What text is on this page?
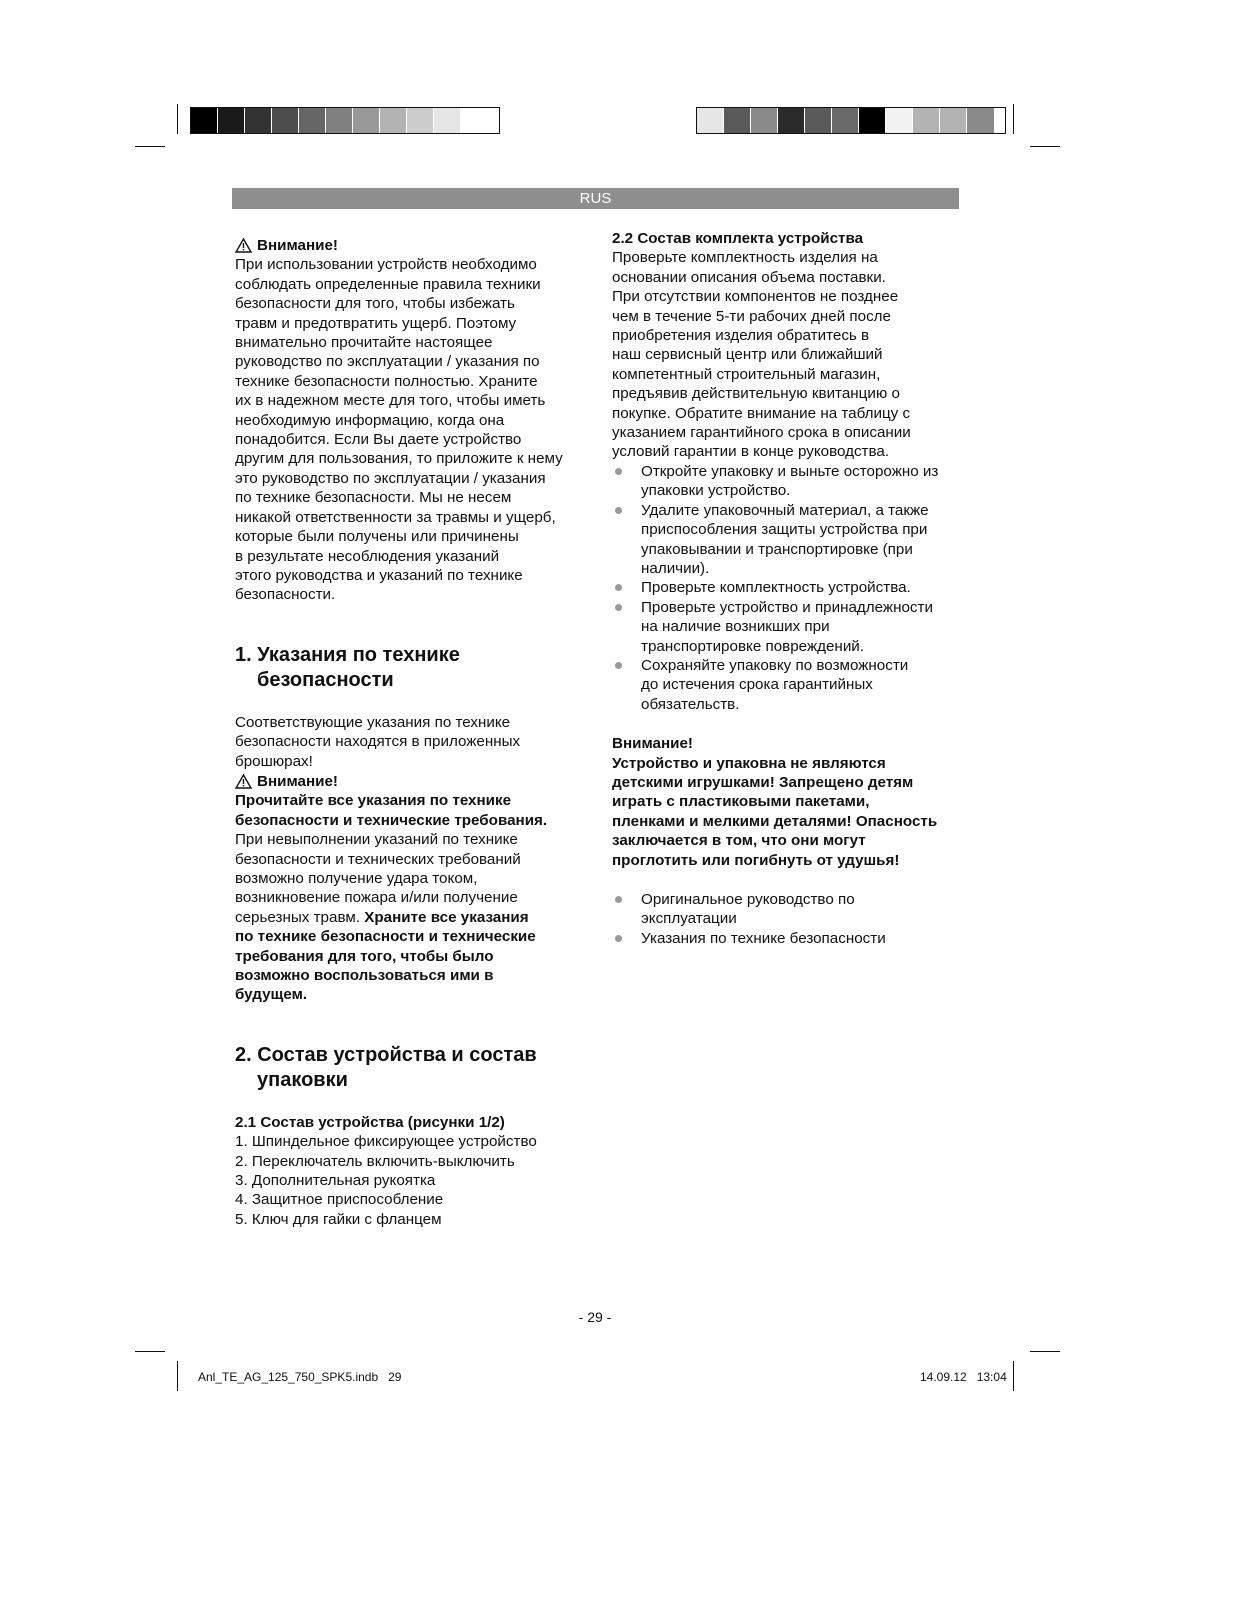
RUS
Внимание!
При использовании устройств необходимо
соблюдать определенные правила техники
безопасности для того, чтобы избежать
травм и предотвратить ущерб. Поэтому
внимательно прочитайте настоящее
руководство по эксплуатации / указания по
технике безопасности полностью. Храните
их в надежном месте для того, чтобы иметь
необходимую информацию, когда она
понадобится. Если Вы даете устройство
другим для пользования, то приложите к нему
это руководство по эксплуатации / указания
по технике безопасности. Мы не несем
никакой ответственности за травмы и ущерб,
которые были получены или причинены
в результате несоблюдения указаний
этого руководства и указаний по технике
безопасности.
1. Указания по технике
безопасности
Соответствующие указания по технике
безопасности находятся в приложенных
брошюрах!
Внимание!
Прочитайте все указания по технике
безопасности и технические требования.
При невыполнении указаний по технике
безопасности и технических требований
возможно получение удара током,
возникновение пожара и/или получение
серьезных травм. Храните все указания
по технике безопасности и технические
требования для того, чтобы было
возможно воспользоваться ими в
будущем.
2. Состав устройства и состав
упаковки
2.1 Состав устройства (рисунки 1/2)
1. Шпиндельное фиксирующее устройство
2. Переключатель включить-выключить
3. Дополнительная рукоятка
4. Защитное приспособление
5. Ключ для гайки с фланцем
2.2 Состав комплекта устройства
Проверьте комплектность изделия на
основании описания объема поставки.
При отсутствии компонентов не позднее
чем в течение 5-ти рабочих дней после
приобретения изделия обратитесь в
наш сервисный центр или ближайший
компетентный строительный магазин,
предъявив действительную квитанцию о
покупке. Обратите внимание на таблицу с
указанием гарантийного срока в описании
условий гарантии в конце руководства.
Откройте упаковку и выньте осторожно из
упаковки устройство.
Удалите упаковочный материал, а также
приспособления защиты устройства при
упаковывании и транспортировке (при
наличии).
Проверьте комплектность устройства.
Проверьте устройство и принадлежности
на наличие возникших при
транспортировке повреждений.
Сохраняйте упаковку по возможности
до истечения срока гарантийных
обязательств.
Внимание!
Устройство и упаковна не являются
детскими игрушками! Запрещено детям
играть с пластиковыми пакетами,
пленками и мелкими деталями! Опасность
заключается в том, что они могут
проглотить или погибнуть от удушья!
Оригинальное руководство по
эксплуатации
Указания по технике безопасности
- 29 -
Anl_TE_AG_125_750_SPK5.indb   29	14.09.12   13:04
